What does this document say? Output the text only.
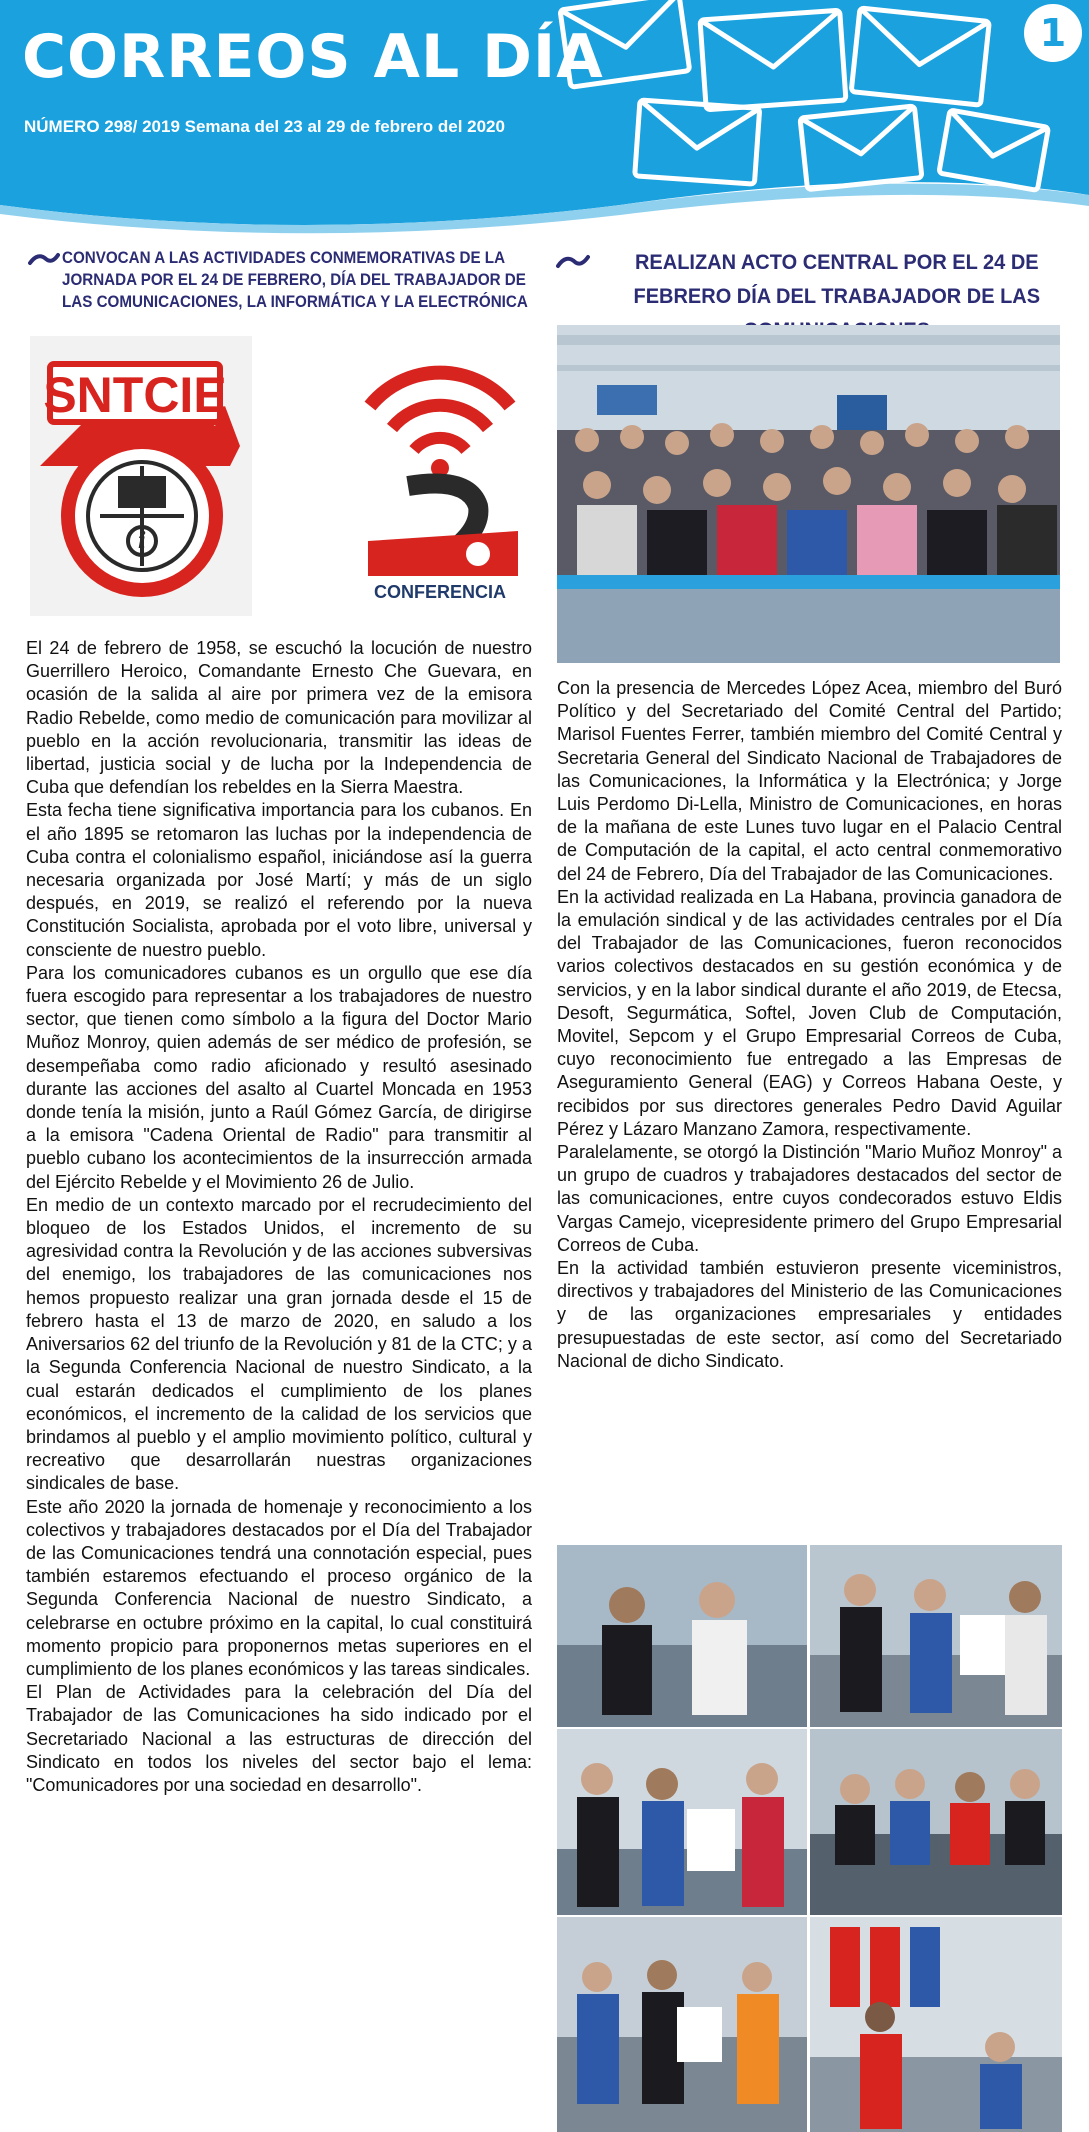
CORREOS AL DÍA
NÚMERO 298/ 2019 Semana del 23 al 29 de febrero del 2020
1
CONVOCAN A LAS ACTIVIDADES CONMEMORATIVAS DE LA JORNADA POR EL 24 DE FEBRERO, DÍA DEL TRABAJADOR DE LAS COMUNICACIONES, LA INFORMÁTICA Y LA ELECTRÓNICA
REALIZAN ACTO CENTRAL POR EL 24 DE FEBRERO DÍA DEL TRABAJADOR DE LAS
SNTCIE
i
CONFERENCIA

El 24 de febrero de 1958, se escuchó la locución de nuestro Guerrillero Heroico, Comandante Ernesto Che Guevara, en ocasión de la salida al aire por primera vez de la emisora Radio Rebelde, como medio de comunicación para movilizar al pueblo en la acción revolucionaria, transmitir las ideas de libertad, justicia social y de lucha por la Independencia de Cuba que defendían los rebeldes en la Sierra Maestra.

Esta fecha tiene significativa importancia para los cubanos. En el año 1895 se retomaron las luchas por la independencia de Cuba contra el colonialismo español, iniciándose así la guerra necesaria organizada por José Martí; y más de un siglo después, en 2019, se realizó el referendo por la nueva Constitución Socialista, aprobada por el voto libre, universal y consciente de nuestro pueblo.

Para los comunicadores cubanos es un orgullo que ese día fuera escogido para representar a los trabajadores de nuestro sector, que tienen como símbolo a la figura del Doctor Mario Muñoz Monroy, quien además de ser médico de profesión, se desempeñaba como radio aficionado y resultó asesinado durante las acciones del asalto al Cuartel Moncada en 1953 donde tenía la misión, junto a Raúl Gómez García, de dirigirse a la emisora "Cadena Oriental de Radio" para transmitir al pueblo cubano los acontecimientos de la insurrección armada del Ejército Rebelde y el Movimiento 26 de Julio.

En medio de un contexto marcado por el recrudecimiento del bloqueo de los Estados Unidos, el incremento de su agresividad contra la Revolución y de las acciones subversivas del enemigo, los trabajadores de las comunicaciones nos hemos propuesto realizar una gran jornada desde el 15 de febrero hasta el 13 de marzo de 2020, en saludo a los Aniversarios 62 del triunfo de la Revolución y 81 de la CTC; y a la Segunda Conferencia Nacional de nuestro Sindicato, a la cual estarán dedicados el cumplimiento de los planes económicos, el incremento de la calidad de los servicios que brindamos al pueblo y el amplio movimiento político, cultural y recreativo que desarrollarán nuestras organizaciones sindicales de base.

Este año 2020 la jornada de homenaje y reconocimiento a los colectivos y trabajadores destacados por el Día del Trabajador de las Comunicaciones tendrá una connotación especial, pues también estaremos efectuando el proceso orgánico de la Segunda Conferencia Nacional de nuestro Sindicato, a celebrarse en octubre próximo en la capital, lo cual constituirá momento propicio para proponernos metas superiores en el cumplimiento de los planes económicos y las tareas sindicales.

El Plan de Actividades para la celebración del Día del Trabajador de las Comunicaciones ha sido indicado por el Secretariado Nacional a las estructuras de dirección del Sindicato en todos los niveles del sector bajo el lema: "Comunicadores por una sociedad en desarrollo".

Con la presencia de Mercedes López Acea, miembro del Buró Político y del Secretariado del Comité Central del Partido; Marisol Fuentes Ferrer, también miembro del Comité Central y Secretaria General del Sindicato Nacional de Trabajadores de las Comunicaciones, la Informática y la Electrónica; y Jorge Luis Perdomo Di-Lella, Ministro de Comunicaciones, en horas de la mañana de este Lunes tuvo lugar en el Palacio Central de Computación de la capital, el acto central conmemorativo del 24 de Febrero, Día del Trabajador de las Comunicaciones.

En la actividad realizada en La Habana, provincia ganadora de la emulación sindical y de las actividades centrales por el Día del Trabajador de las Comunicaciones, fueron reconocidos varios colectivos destacados en su gestión económica y de servicios, y en la labor sindical durante el año 2019, de Etecsa, Desoft, Segurmática, Softel, Joven Club de Computación, Movitel, Sepcom y el Grupo Empresarial Correos de Cuba, cuyo reconocimiento fue entregado a las Empresas de Aseguramiento General (EAG) y Correos Habana Oeste, y recibidos por sus directores generales Pedro David Aguilar Pérez y Lázaro Manzano Zamora, respectivamente.

Paralelamente, se otorgó la Distinción "Mario Muñoz Monroy" a un grupo de cuadros y trabajadores destacados del sector de las comunicaciones, entre cuyos condecorados estuvo Eldis Vargas Camejo, vicepresidente primero del Grupo Empresarial Correos de Cuba.

En la actividad también estuvieron presente viceministros, directivos y trabajadores del Ministerio de las Comunicaciones y de las organizaciones empresariales y entidades presupuestadas de este sector, así como del Secretariado Nacional de dicho Sindicato.
